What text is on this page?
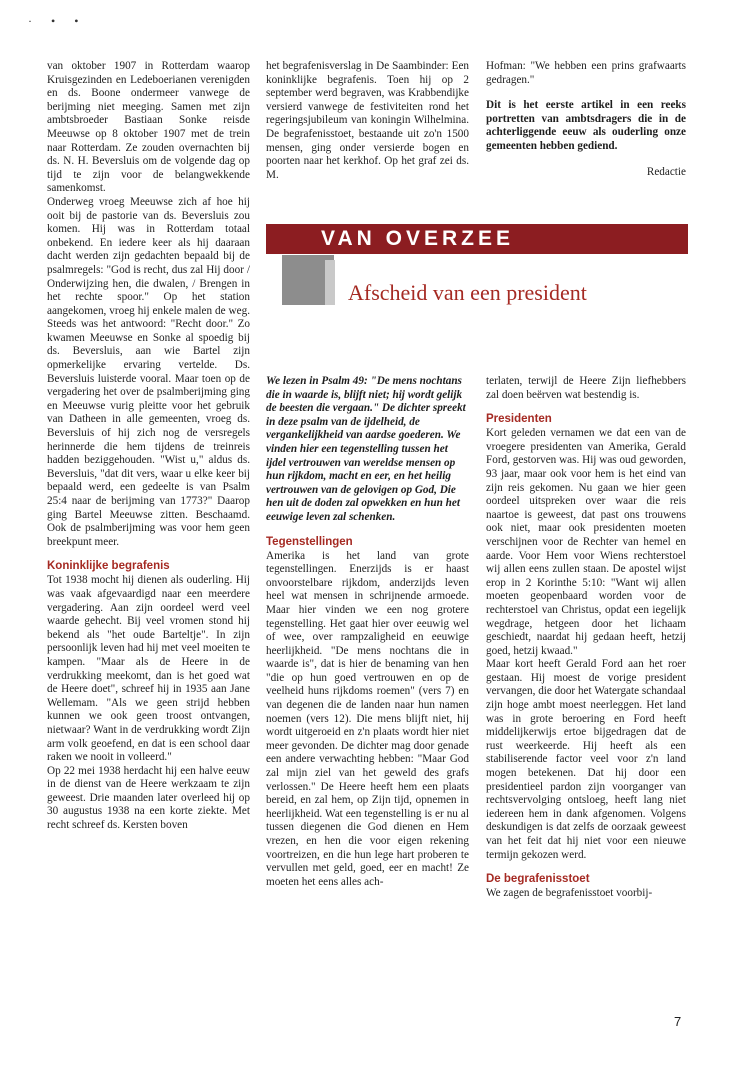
· • •

van oktober 1907 in Rotterdam waarop Kruisgezinden en Ledeboerianen verenigden en ds. Boone ondermeer vanwege de berijming niet meeging. Samen met zijn ambtsbroeder Bastiaan Sonke reisde Meeuwse op 8 oktober 1907 met de trein naar Rotterdam. Ze zouden overnachten bij ds. N. H. Beversluis om de volgende dag op tijd te zijn voor de belangwekkende samenkomst.

Onderweg vroeg Meeuwse zich af hoe hij ooit bij de pastorie van ds. Beversluis zou komen. Hij was in Rotterdam totaal onbekend. En iedere keer als hij daaraan dacht werden zijn gedachten bepaald bij de psalmregels: "God is recht, dus zal Hij door / Onderwijzing hen, die dwalen, / Brengen in het rechte spoor." Op het station aangekomen, vroeg hij enkele malen de weg. Steeds was het antwoord: "Recht door." Zo kwamen Meeuwse en Sonke al spoedig bij ds. Beversluis, aan wie Bartel zijn opmerkelijke ervaring vertelde. Ds. Beversluis luisterde vooral. Maar toen op de vergadering het over de psalmberijming ging en Meeuwse vurig pleitte voor het gebruik van Datheen in alle gemeenten, vroeg ds. Beversluis of hij zich nog de versregels herinnerde die hem tijdens de treinreis hadden beziggehouden. "Wist u," aldus ds. Beversluis, "dat dit vers, waar u elke keer bij bepaald werd, een gedeelte is van Psalm 25:4 naar de berijming van 1773?" Daarop ging Bartel Meeuwse zitten. Beschaamd. Ook de psalmberijming was voor hem geen breekpunt meer.

Koninklijke begrafenis

Tot 1938 mocht hij dienen als ouderling. Hij was vaak afgevaardigd naar een meerdere vergadering. Aan zijn oordeel werd veel waarde gehecht. Bij veel vromen stond hij bekend als "het oude Barteltje". In zijn persoonlijk leven had hij met veel moeiten te kampen. "Maar als de Heere in de verdrukking meekomt, dan is het goed wat de Heere doet", schreef hij in 1935 aan Jane Wellemam. "Als we geen strijd hebben kunnen we ook geen troost ontvangen, nietwaar? Want in de verdrukking wordt Zijn arm volk geoefend, en dat is een school daar raken we nooit in volleerd."

Op 22 mei 1938 herdacht hij een halve eeuw in de dienst van de Heere werkzaam te zijn geweest. Drie maanden later overleed hij op 30 augustus 1938 na een korte ziekte. Met recht schreef ds. Kersten boven

het begrafenisverslag in De Saambinder: Een koninklijke begrafenis. Toen hij op 2 september werd begraven, was Krabbendijke versierd vanwege de festiviteiten rond het regeringsjubileum van koningin Wilhelmina. De begrafenisstoet, bestaande uit zo'n 1500 mensen, ging onder versierde bogen en poorten naar het kerkhof. Op het graf zei ds. M.

Hofman: "We hebben een prins grafwaarts gedragen."

Dit is het eerste artikel in een reeks portretten van ambtsdragers die in de achterliggende eeuw als ouderling onze gemeenten hebben gediend.

Redactie

VAN OVERZEE
Afscheid van een president

We lezen in Psalm 49: "De mens nochtans die in waarde is, blijft niet; hij wordt gelijk de beesten die vergaan." De dichter spreekt in deze psalm van de ijdelheid, de vergankelijkheid van aardse goederen. We vinden hier een tegenstelling tussen het ijdel vertrouwen van wereldse mensen op hun rijkdom, macht en eer, en het heilig vertrouwen van de gelovigen op God, Die hen uit de doden zal opwekken en hun het eeuwige leven zal schenken.

Tegenstellingen

Amerika is het land van grote tegenstellingen. Enerzijds is er haast onvoorstelbare rijkdom, anderzijds leven heel wat mensen in schrijnende armoede. Maar hier vinden we een nog grotere tegenstelling. Het gaat hier over eeuwig wel of wee, over rampzaligheid en eeuwige heerlijkheid. "De mens nochtans die in waarde is", dat is hier de benaming van hen "die op hun goed vertrouwen en op de veelheid huns rijkdoms roemen" (vers 7) en van degenen die de landen naar hun namen noemen (vers 12). Die mens blijft niet, hij wordt uitgeroeid en z'n plaats wordt hier niet meer gevonden. De dichter mag door genade een andere verwachting hebben: "Maar God zal mijn ziel van het geweld des grafs verlossen." De Heere heeft hem een plaats bereid, en zal hem, op Zijn tijd, opnemen in heerlijkheid. Wat een tegenstelling is er nu al tussen diegenen die God dienen en Hem vrezen, en hen die voor eigen rekening voortreizen, en die hun lege hart proberen te vervullen met geld, goed, eer en macht! Ze moeten het eens alles ach-

terlaten, terwijl de Heere Zijn liefhebbers zal doen beërven wat bestendig is.

Presidenten

Kort geleden vernamen we dat een van de vroegere presidenten van Amerika, Gerald Ford, gestorven was. Hij was oud geworden, 93 jaar, maar ook voor hem is het eind van zijn reis gekomen. Nu gaan we hier geen oordeel uitspreken over waar die reis naartoe is geweest, dat past ons trouwens ook niet, maar ook presidenten moeten verschijnen voor de Rechter van hemel en aarde. Voor Hem voor Wiens rechterstoel wij allen eens zullen staan. De apostel wijst erop in 2 Korinthe 5:10: "Want wij allen moeten geopenbaard worden voor de rechterstoel van Christus, opdat een iegelijk wegdrage, hetgeen door het lichaam geschiedt, naardat hij gedaan heeft, hetzij goed, hetzij kwaad."

Maar kort heeft Gerald Ford aan het roer gestaan. Hij moest de vorige president vervangen, die door het Watergate schandaal zijn hoge ambt moest neerleggen. Het land was in grote beroering en Ford heeft middelijkerwijs ertoe bijgedragen dat de rust weerkeerde. Hij heeft als een stabiliserende factor veel voor z'n land mogen betekenen. Dat hij door een presidentieel pardon zijn voorganger van rechtsvervolging ontsloeg, heeft lang niet iedereen hem in dank afgenomen. Volgens deskundigen is dat zelfs de oorzaak geweest van het feit dat hij niet voor een nieuwe termijn gekozen werd.

De begrafenisstoet

We zagen de begrafenisstoet voorbij-

7
